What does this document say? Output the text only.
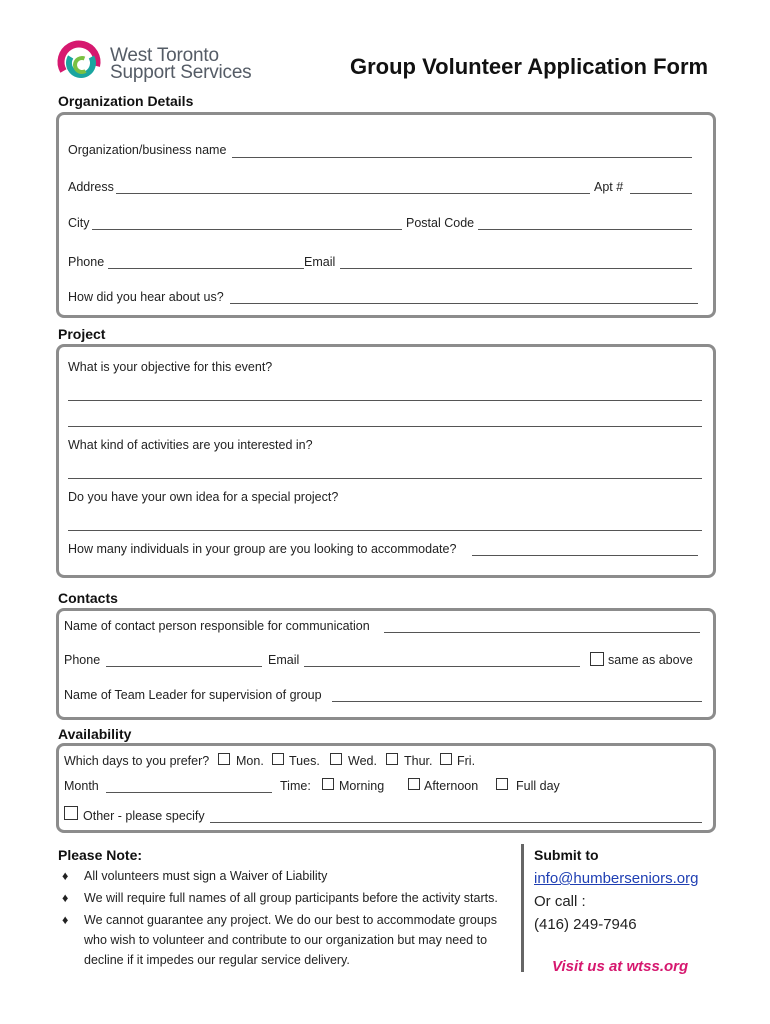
West Toronto
Support Services	Group Volunteer Application Form
Organization Details
Organization/business name
Address	Apt #
City	Postal Code
Phone	Email
How did you hear about us?
Project
What is your objective for this event?
What kind of activities are you interested in?
Do you have your own idea for a special project?
How many individuals in your group are you looking to accommodate?
Contacts
Name of contact person responsible for communication
Phone	Email	same as above
Name of Team Leader for supervision of group
Availability
Which days to you prefer? Mon. Tues. Wed. Thur. Fri.
Month	Time: Morning	Afternoon	Full day
Other - please specify
Please Note:
♦ All volunteers must sign a Waiver of Liability
♦ We will require full names of all group participants before the activity starts.
♦ We cannot guarantee any project. We do our best to accommodate groups
who wish to volunteer and contribute to our organization but may need to
decline if it impedes our regular service delivery.
Submit to
info@humberseniors.org
Or call :
(416) 249-7946
Visit us at wtss.org
